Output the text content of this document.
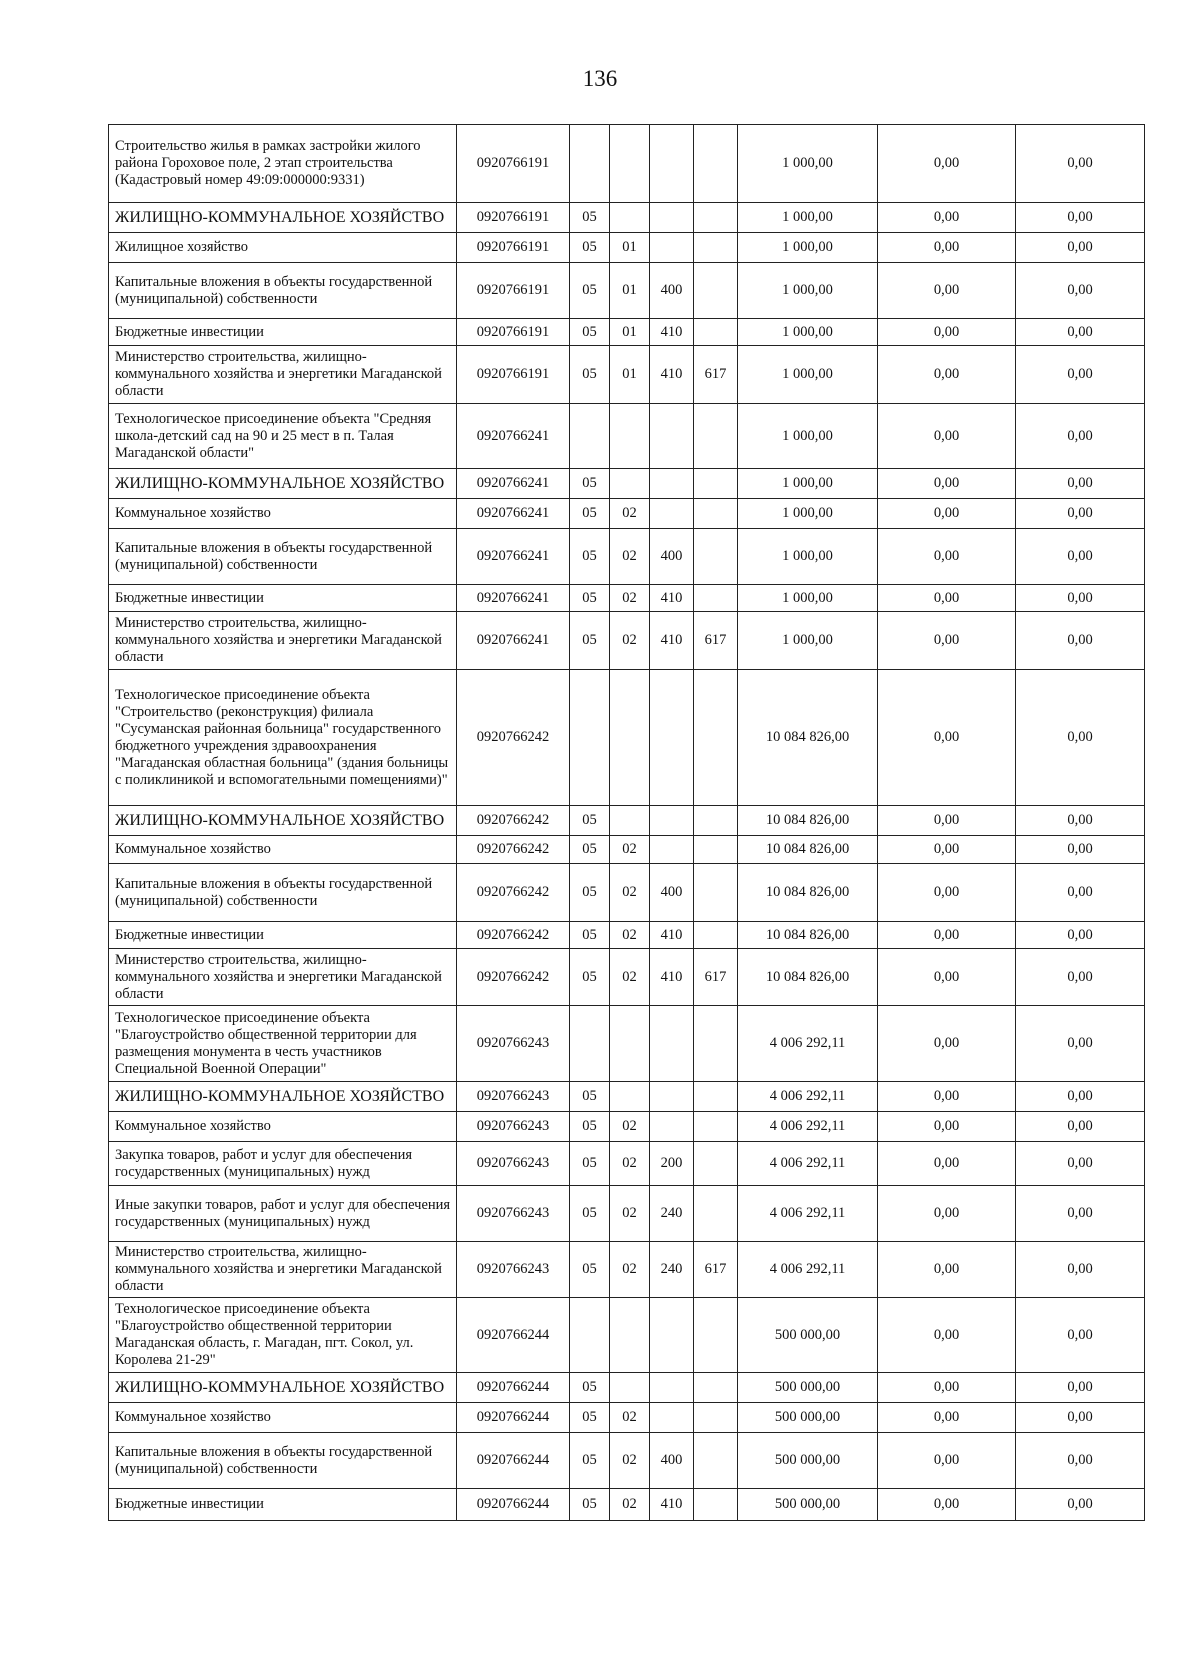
136
Строительство жилья в рамках застройки жилого района Гороховое поле, 2 этап строительства (Кадастровый номер 49:09:000000:9331)	0920766191					1 000,00	0,00	0,00
ЖИЛИЩНО-КОММУНАЛЬНОЕ ХОЗЯЙСТВО	0920766191	05				1 000,00	0,00	0,00
Жилищное хозяйство	0920766191	05	01			1 000,00	0,00	0,00
Капитальные вложения в объекты государственной (муниципальной) собственности	0920766191	05	01	400		1 000,00	0,00	0,00
Бюджетные инвестиции	0920766191	05	01	410		1 000,00	0,00	0,00
Министерство строительства, жилищно-коммунального хозяйства и энергетики Магаданской области	0920766191	05	01	410	617	1 000,00	0,00	0,00
Технологическое присоединение объекта "Средняя школа-детский сад на 90 и 25 мест в п. Талая Магаданской области"	0920766241					1 000,00	0,00	0,00
ЖИЛИЩНО-КОММУНАЛЬНОЕ ХОЗЯЙСТВО	0920766241	05				1 000,00	0,00	0,00
Коммунальное хозяйство	0920766241	05	02			1 000,00	0,00	0,00
Капитальные вложения в объекты государственной (муниципальной) собственности	0920766241	05	02	400		1 000,00	0,00	0,00
Бюджетные инвестиции	0920766241	05	02	410		1 000,00	0,00	0,00
Министерство строительства, жилищно-коммунального хозяйства и энергетики Магаданской области	0920766241	05	02	410	617	1 000,00	0,00	0,00
Технологическое присоединение объекта "Строительство (реконструкция) филиала "Сусуманская районная больница" государственного бюджетного учреждения здравоохранения "Магаданская областная больница" (здания больницы с поликлиникой и вспомогательными помещениями)"	0920766242					10 084 826,00	0,00	0,00
ЖИЛИЩНО-КОММУНАЛЬНОЕ ХОЗЯЙСТВО	0920766242	05				10 084 826,00	0,00	0,00
Коммунальное хозяйство	0920766242	05	02			10 084 826,00	0,00	0,00
Капитальные вложения в объекты государственной (муниципальной) собственности	0920766242	05	02	400		10 084 826,00	0,00	0,00
Бюджетные инвестиции	0920766242	05	02	410		10 084 826,00	0,00	0,00
Министерство строительства, жилищно-коммунального хозяйства и энергетики Магаданской области	0920766242	05	02	410	617	10 084 826,00	0,00	0,00
Технологическое присоединение объекта "Благоустройство общественной территории для размещения монумента в честь участников Специальной Военной Операции"	0920766243					4 006 292,11	0,00	0,00
ЖИЛИЩНО-КОММУНАЛЬНОЕ ХОЗЯЙСТВО	0920766243	05				4 006 292,11	0,00	0,00
Коммунальное хозяйство	0920766243	05	02			4 006 292,11	0,00	0,00
Закупка товаров, работ и услуг для обеспечения государственных (муниципальных) нужд	0920766243	05	02	200		4 006 292,11	0,00	0,00
Иные закупки товаров, работ и услуг для обеспечения государственных (муниципальных) нужд	0920766243	05	02	240		4 006 292,11	0,00	0,00
Министерство строительства, жилищно-коммунального хозяйства и энергетики Магаданской области	0920766243	05	02	240	617	4 006 292,11	0,00	0,00
Технологическое присоединение объекта "Благоустройство общественной территории Магаданская область, г. Магадан, пгт. Сокол, ул. Королева 21-29"	0920766244					500 000,00	0,00	0,00
ЖИЛИЩНО-КОММУНАЛЬНОЕ ХОЗЯЙСТВО	0920766244	05				500 000,00	0,00	0,00
Коммунальное хозяйство	0920766244	05	02			500 000,00	0,00	0,00
Капитальные вложения в объекты государственной (муниципальной) собственности	0920766244	05	02	400		500 000,00	0,00	0,00
Бюджетные инвестиции	0920766244	05	02	410		500 000,00	0,00	0,00
